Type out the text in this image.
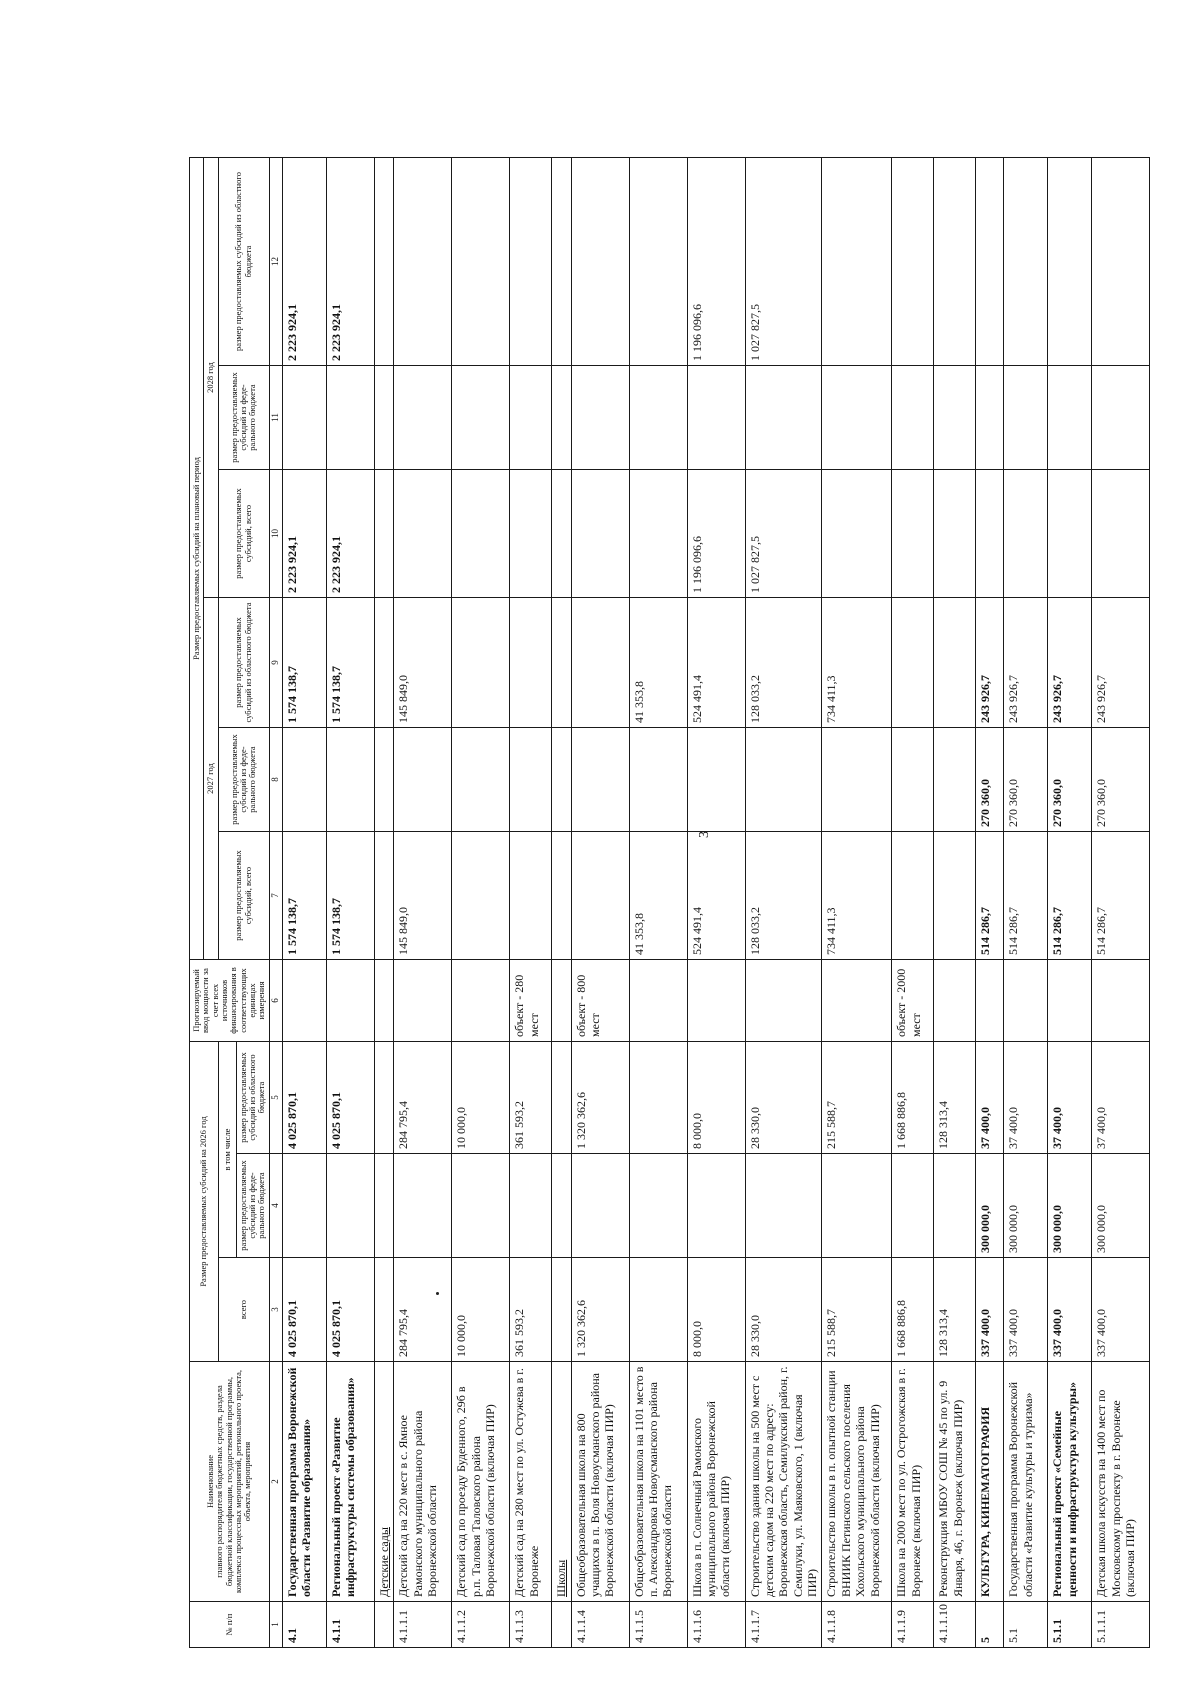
3
№ п/п	Наименование главного распорядителя бюджетных средств, раздела бюджетной классификации, государственной программы, комплекса процессных мероприятий, регионального проекта, объекта, мероприятия	Размер предоставляемых субсидий на 2026 год			Прогнозируемый ввод мощности за счет всех источников финансирования в соответствующих единицах измерения	Размер предоставляемых субсидий на плановый период					
						2027 год			2028 год		
		всего	в том числе			размер предоставляемых субсидий, всего	размер предоставляемых субсидий из феде-рального бюджета	размер предоставляемых субсидий из областного бюджета	размер предоставляемых субсидий, всего	размер предоставляемых субсидий из феде-рального бюджета	размер предоставляемых субсидий из областного бюджета
			размер предоставляемых субсидий из феде-рального бюджета	размер предоставляемых субсидий из областного бюджета							
1	2	3	4	5	6	7	8	9	10	11	12
4.1	Государственная программа Воронежской области «Развитие образования»	4 025 870,1		4 025 870,1		1 574 138,7		1 574 138,7	2 223 924,1		2 223 924,1
4.1.1	Региональный проект «Развитие инфраструктуры системы образования»	4 025 870,1		4 025 870,1		1 574 138,7		1 574 138,7	2 223 924,1		2 223 924,1
	Детские сады										
4.1.1.1	Детский сад на 220 мест в с. Ямное Рамонского муниципального района Воронежской области	284 795,4		284 795,4		145 849,0		145 849,0			
4.1.1.2	Детский сад по проезду Буденного, 29б в р.п. Таловая Таловского района Воронежской области (включая ПИР)	10 000,0		10 000,0							
4.1.1.3	Детский сад на 280 мест по ул. Остужева в г. Воронеже	361 593,2		361 593,2	объект - 280 мест						
	Школы										
4.1.1.4	Общеобразовательная школа на 800 учащихся в п. Воля Новоусманского района Воронежской области (включая ПИР)	1 320 362,6		1 320 362,6	объект - 800 мест						
4.1.1.5	Общеобразовательная школа на 1101 место в п. Александровка Новоусманского района Воронежской области					41 353,8		41 353,8			
4.1.1.6	Школа в п. Солнечный Рамонского муниципального района Воронежской области (включая ПИР)	8 000,0		8 000,0		524 491,4		524 491,4	1 196 096,6		1 196 096,6
4.1.1.7	Строительство здания школы на 500 мест с детским садом на 220 мест по адресу: Воронежская область, Семилукский район, г. Семилуки, ул. Маяковского, 1 (включая ПИР)	28 330,0		28 330,0		128 033,2		128 033,2	1 027 827,5		1 027 827,5
4.1.1.8	Строительство школы в п. опытной станции ВНИИК Петинского сельского поселения Хохольского муниципального района Воронежской области (включая ПИР)	215 588,7		215 588,7		734 411,3		734 411,3			
4.1.1.9	Школа на 2000 мест по ул. Острогожская в г. Воронеже (включая ПИР)	1 668 886,8		1 668 886,8	объект - 2000 мест						
4.1.1.10	Реконструкция МБОУ СОШ № 45 по ул. 9 Января, 46, г. Воронеж (включая ПИР)	128 313,4		128 313,4							
5	КУЛЬТУРА, КИНЕМАТОГРАФИЯ	337 400,0	300 000,0	37 400,0		514 286,7	270 360,0	243 926,7			
5.1	Государственная программа Воронежской области «Развитие культуры и туризма»	337 400,0	300 000,0	37 400,0		514 286,7	270 360,0	243 926,7			
5.1.1	Региональный проект «Семейные ценности и инфраструктура культуры»	337 400,0	300 000,0	37 400,0		514 286,7	270 360,0	243 926,7			
5.1.1.1	Детская школа искусств на 1400 мест по Московскому проспекту в г. Воронеже (включая ПИР)	337 400,0	300 000,0	37 400,0		514 286,7	270 360,0	243 926,7			
